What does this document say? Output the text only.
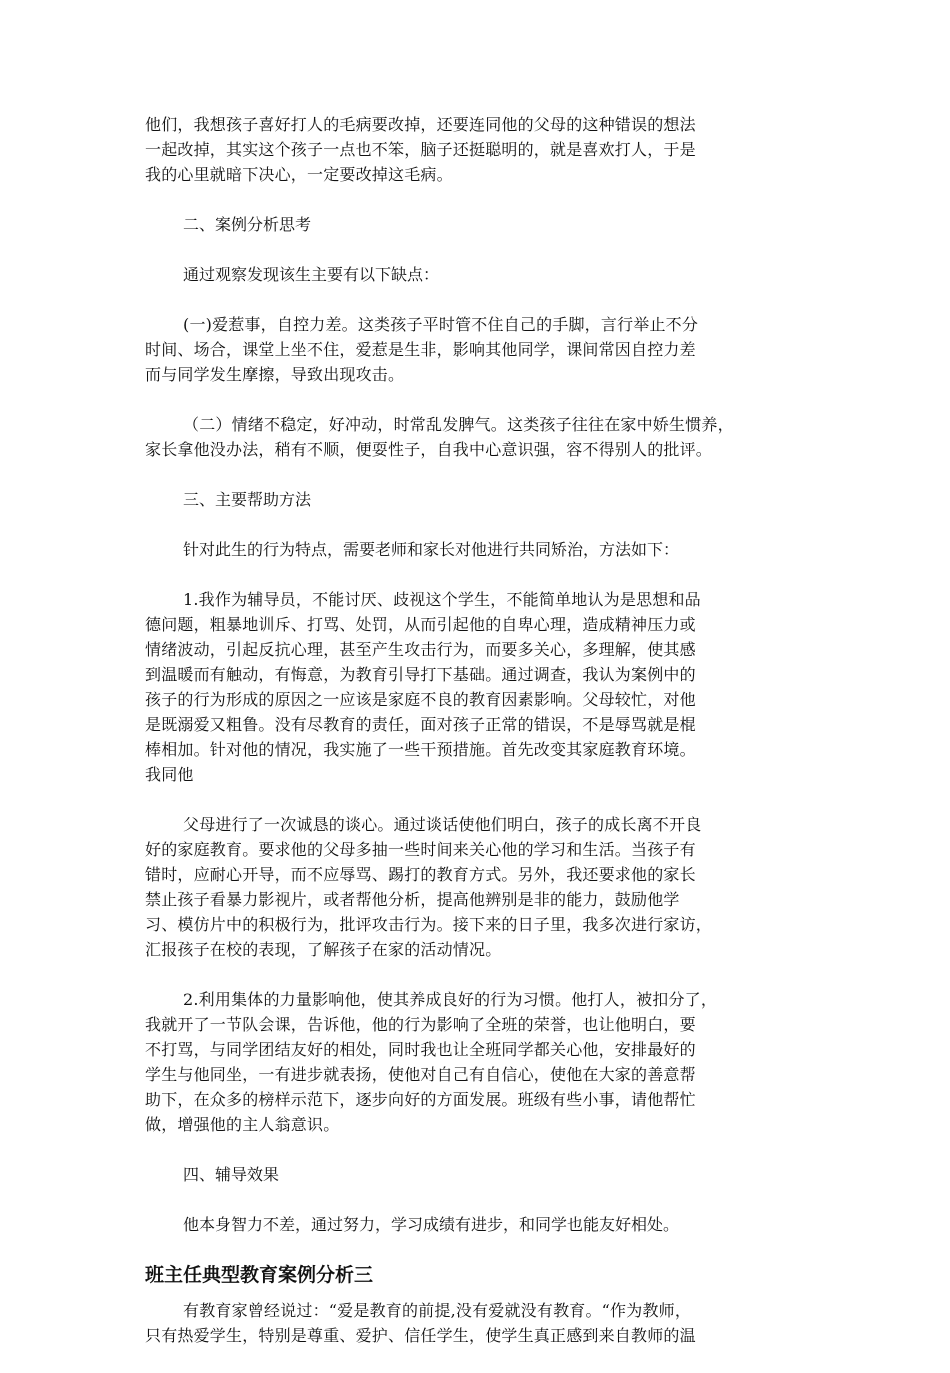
他们，我想孩子喜好打人的毛病要改掉，还要连同他的父母的这种错误的想法
一起改掉，其实这个孩子一点也不笨，脑子还挺聪明的，就是喜欢打人，于是
我的心里就暗下决心，一定要改掉这毛病。
二、案例分析思考
通过观察发现该生主要有以下缺点：
(一)爱惹事，自控力差。这类孩子平时管不住自己的手脚，言行举止不分
时间、场合，课堂上坐不住，爱惹是生非，影响其他同学，课间常因自控力差
而与同学发生摩擦，导致出现攻击。
（二）情绪不稳定，好冲动，时常乱发脾气。这类孩子往往在家中娇生惯养，
家长拿他没办法，稍有不顺，便耍性子，自我中心意识强，容不得别人的批评。
三、主要帮助方法
针对此生的行为特点，需要老师和家长对他进行共同矫治，方法如下：
1.我作为辅导员，不能讨厌、歧视这个学生，不能简单地认为是思想和品
德问题，粗暴地训斥、打骂、处罚，从而引起他的自卑心理，造成精神压力或
情绪波动，引起反抗心理，甚至产生攻击行为，而要多关心，多理解，使其感
到温暖而有触动，有悔意，为教育引导打下基础。通过调查，我认为案例中的
孩子的行为形成的原因之一应该是家庭不良的教育因素影响。父母较忙，对他
是既溺爱又粗鲁。没有尽教育的责任，面对孩子正常的错误，不是辱骂就是棍
棒相加。针对他的情况，我实施了一些干预措施。首先改变其家庭教育环境。
我同他
父母进行了一次诚恳的谈心。通过谈话使他们明白，孩子的成长离不开良
好的家庭教育。要求他的父母多抽一些时间来关心他的学习和生活。当孩子有
错时，应耐心开导，而不应辱骂、踢打的教育方式。另外，我还要求他的家长
禁止孩子看暴力影视片，或者帮他分析，提高他辨别是非的能力，鼓励他学
习、模仿片中的积极行为，批评攻击行为。接下来的日子里，我多次进行家访，
汇报孩子在校的表现，了解孩子在家的活动情况。
2.利用集体的力量影响他，使其养成良好的行为习惯。他打人，被扣分了，
我就开了一节队会课，告诉他，他的行为影响了全班的荣誉，也让他明白，要
不打骂，与同学团结友好的相处，同时我也让全班同学都关心他，安排最好的
学生与他同坐，一有进步就表扬，使他对自己有自信心，使他在大家的善意帮
助下，在众多的榜样示范下，逐步向好的方面发展。班级有些小事，请他帮忙
做，增强他的主人翁意识。
四、辅导效果
他本身智力不差，通过努力，学习成绩有进步，和同学也能友好相处。
班主任典型教育案例分析三
有教育家曾经说过：“爱是教育的前提,没有爱就没有教育。“作为教师，
只有热爱学生，特别是尊重、爱护、信任学生，使学生真正感到来自教师的温
